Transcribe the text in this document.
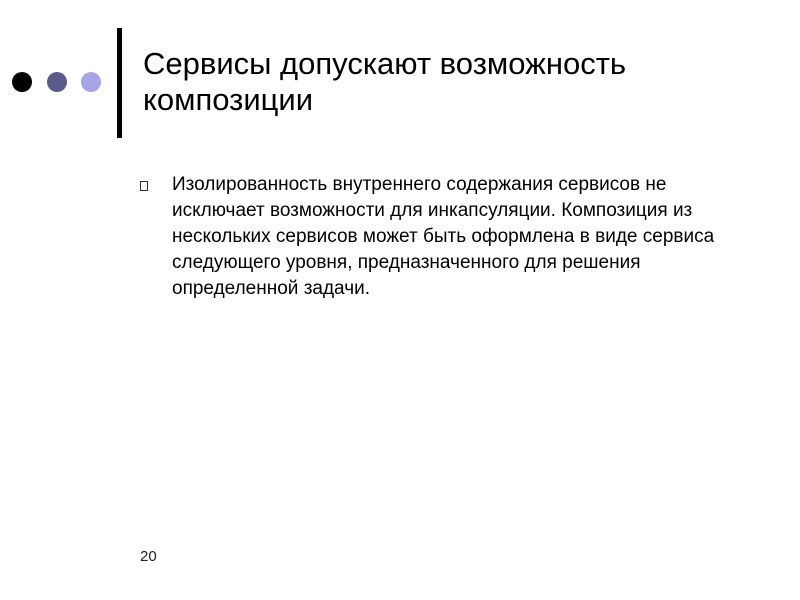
Сервисы допускают возможность композиции
Изолированность внутреннего содержания сервисов не исключает возможности для инкапсуляции. Композиция из нескольких сервисов может быть оформлена в виде сервиса следующего уровня, предназначенного для решения определенной задачи.
20
